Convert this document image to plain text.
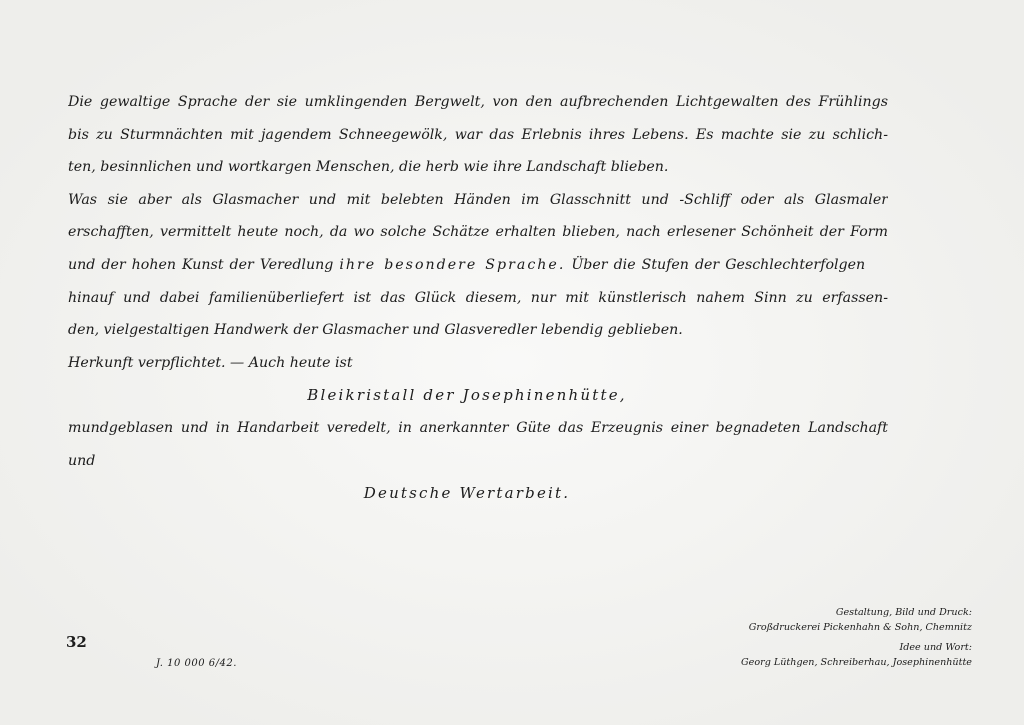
Die gewaltige Sprache der sie umklingenden Bergwelt, von den aufbrechenden Lichtgewalten des Frühlings
bis zu Sturmnächten mit jagendem Schneegewölk, war das Erlebnis ihres Lebens. Es machte sie zu schlich-
ten, besinnlichen und wortkargen Menschen, die herb wie ihre Landschaft blieben.
Was sie aber als Glasmacher und mit belebten Händen im Glasschnitt und -Schliff oder als Glasmaler
erschafften, vermittelt heute noch, da wo solche Schätze erhalten blieben, nach erlesener Schönheit der Form
und der hohen Kunst der Veredlung ihre besondere Sprache. Über die Stufen der Geschlechterfolgen
hinauf und dabei familienüberliefert ist das Glück diesem, nur mit künstlerisch nahem Sinn zu erfassen-
den, vielgestaltigen Handwerk der Glasmacher und Glasveredler lebendig geblieben.
Herkunft verpflichtet. — Auch heute ist
Bleikristall der Josephinenhütte,
mundgeblasen und in Handarbeit veredelt, in anerkannter Güte das Erzeugnis einer begnadeten Landschaft
und
Deutsche Wertarbeit.
32
J. 10 000 6/42.
Gestaltung, Bild und Druck:
Großdruckerei Pickenhahn & Sohn, Chemnitz
Idee und Wort:
Georg Lüthgen, Schreiberhau, Josephinenhütte
